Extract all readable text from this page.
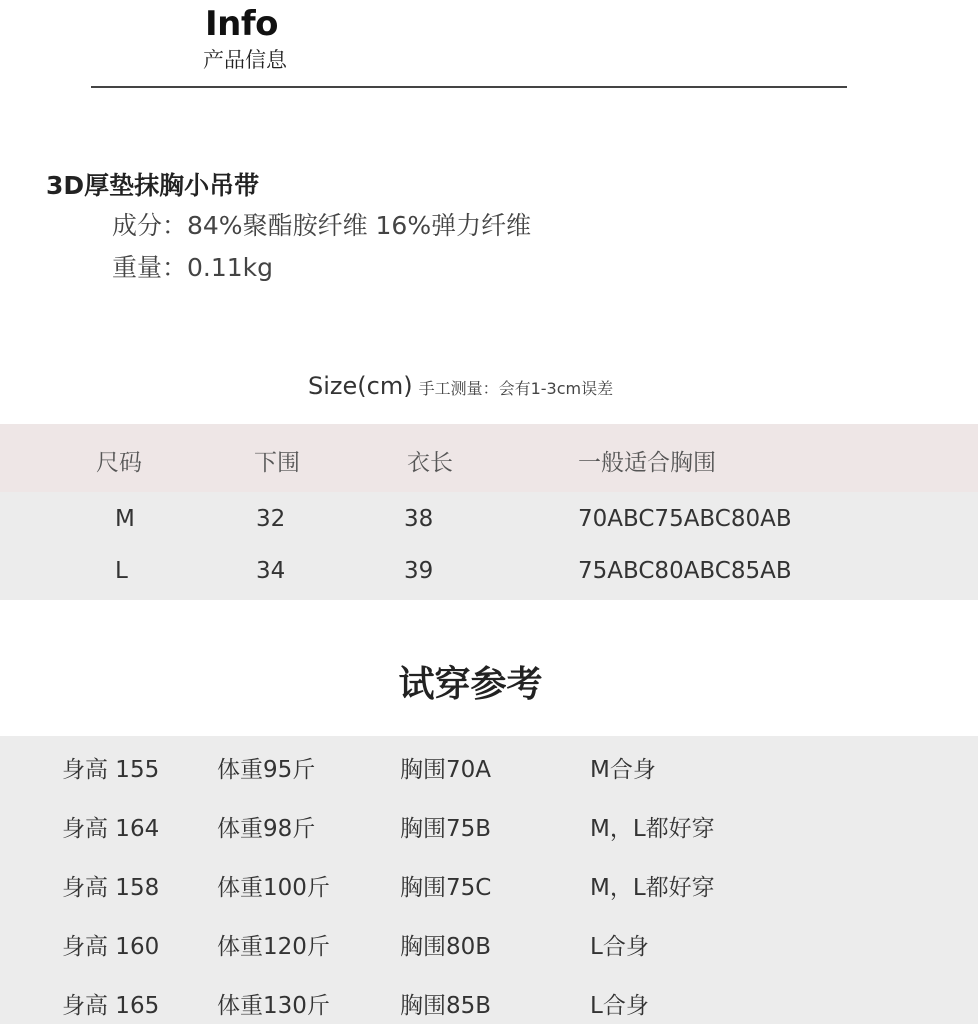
Info
产品信息
3D厚垫抹胸小吊带
成分：84%聚酯胺纤维 16%弹力纤维
重量：0.11kg
Size(cm) 手工测量：会有1-3cm误差
尺码	下围	衣长	一般适合胸围
M	32	38	70ABC75ABC80AB
L	34	39	75ABC80ABC85AB
试穿参考
身高 155	体重95斤	胸围70A	M合身
身高 164	体重98斤	胸围75B	M，L都好穿
身高 158	体重100斤	胸围75C	M，L都好穿
身高 160	体重120斤	胸围80B	L合身
身高 165	体重130斤	胸围85B	L合身
